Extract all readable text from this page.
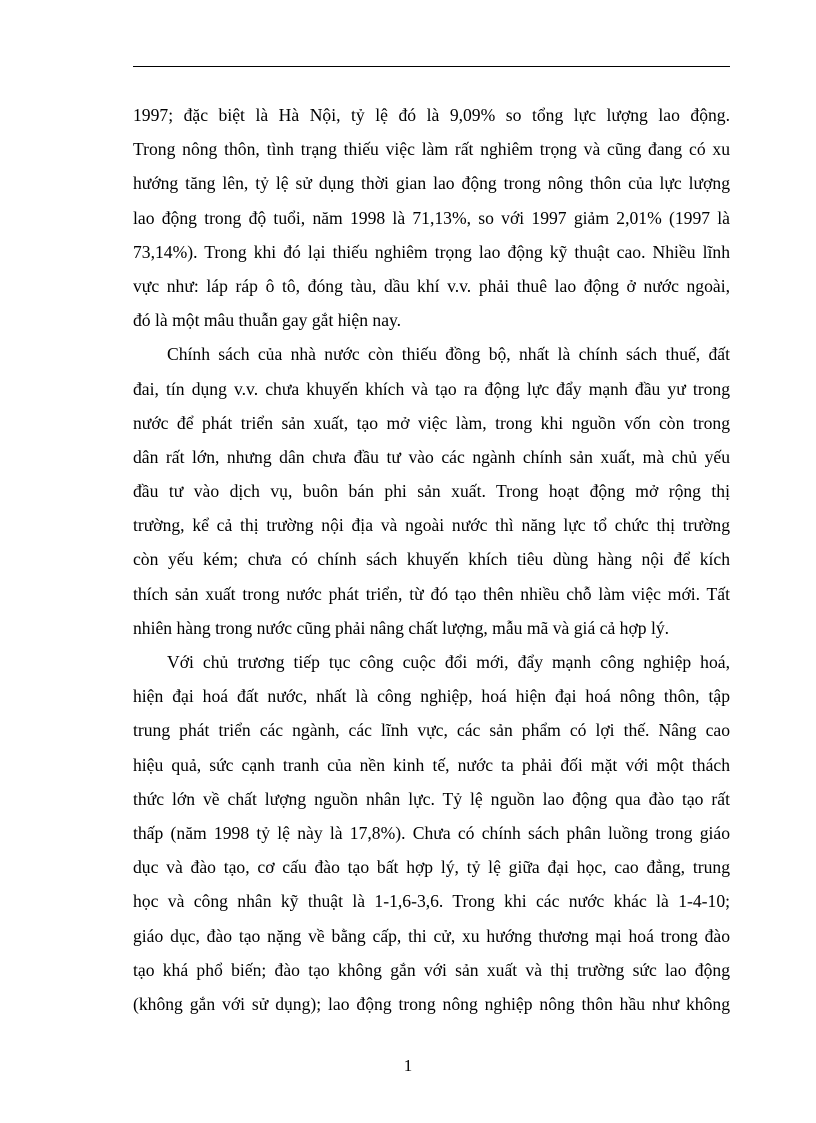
1997; đặc biệt là Hà Nội, tỷ lệ đó là 9,09% so tổng lực lượng lao động.
Trong nông thôn, tình trạng thiếu việc làm rất nghiêm trọng và cũng đang có xu
hướng tăng lên, tỷ lệ sử dụng thời gian lao động trong nông thôn của lực lượng
lao động trong độ tuổi, năm 1998 là 71,13%, so với 1997 giảm 2,01% (1997 là
73,14%). Trong khi đó lại thiếu nghiêm trọng lao động kỹ thuật cao. Nhiều lĩnh
vực như: láp ráp ô tô, đóng tàu, dầu khí v.v. phải thuê lao động ở nước ngoài,
đó là một mâu thuẫn gay gắt hiện nay.
Chính sách của nhà nước còn thiếu đồng bộ, nhất là chính sách thuế, đất
đai, tín dụng v.v. chưa khuyến khích và tạo ra động lực đẩy mạnh đầu yư trong
nước để phát triển sản xuất, tạo mở việc làm, trong khi nguồn vốn còn trong
dân rất lớn, nhưng dân chưa đầu tư vào các ngành chính sản xuất, mà chủ yếu
đầu tư vào dịch vụ, buôn bán phi sản xuất. Trong hoạt động mở rộng thị
trường, kể cả thị trường nội địa và ngoài nước thì năng lực tổ chức thị trường
còn yếu kém; chưa có chính sách khuyến khích tiêu dùng hàng nội để kích
thích sản xuất trong nước phát triển, từ đó tạo thên nhiều chỗ làm việc mới. Tất
nhiên hàng trong nước cũng phải nâng chất lượng, mẫu mã và giá cả hợp lý.
Với chủ trương tiếp tục công cuộc đổi mới, đẩy mạnh công nghiệp hoá,
hiện đại hoá đất nước, nhất là công nghiệp, hoá hiện đại hoá nông thôn, tập
trung phát triển các ngành, các lĩnh vực, các sản phẩm có lợi thế. Nâng cao
hiệu quả, sức cạnh tranh của nền kinh tế, nước ta phải đối mặt với một thách
thức lớn về chất lượng nguồn nhân lực. Tỷ lệ nguồn lao động qua đào tạo rất
thấp (năm 1998 tỷ lệ này là 17,8%). Chưa có chính sách phân luồng trong giáo
dục và đào tạo, cơ cấu đào tạo bất hợp lý, tỷ lệ giữa đại học, cao đẳng, trung
học và công nhân kỹ thuật là 1-1,6-3,6. Trong khi các nước khác là 1-4-10;
giáo dục, đào tạo nặng về bằng cấp, thi cử, xu hướng thương mại hoá trong đào
tạo khá phổ biến; đào tạo không gắn với sản xuất và thị trường sức lao động
(không gắn với sử dụng); lao động trong nông nghiệp nông thôn hầu như không
1
